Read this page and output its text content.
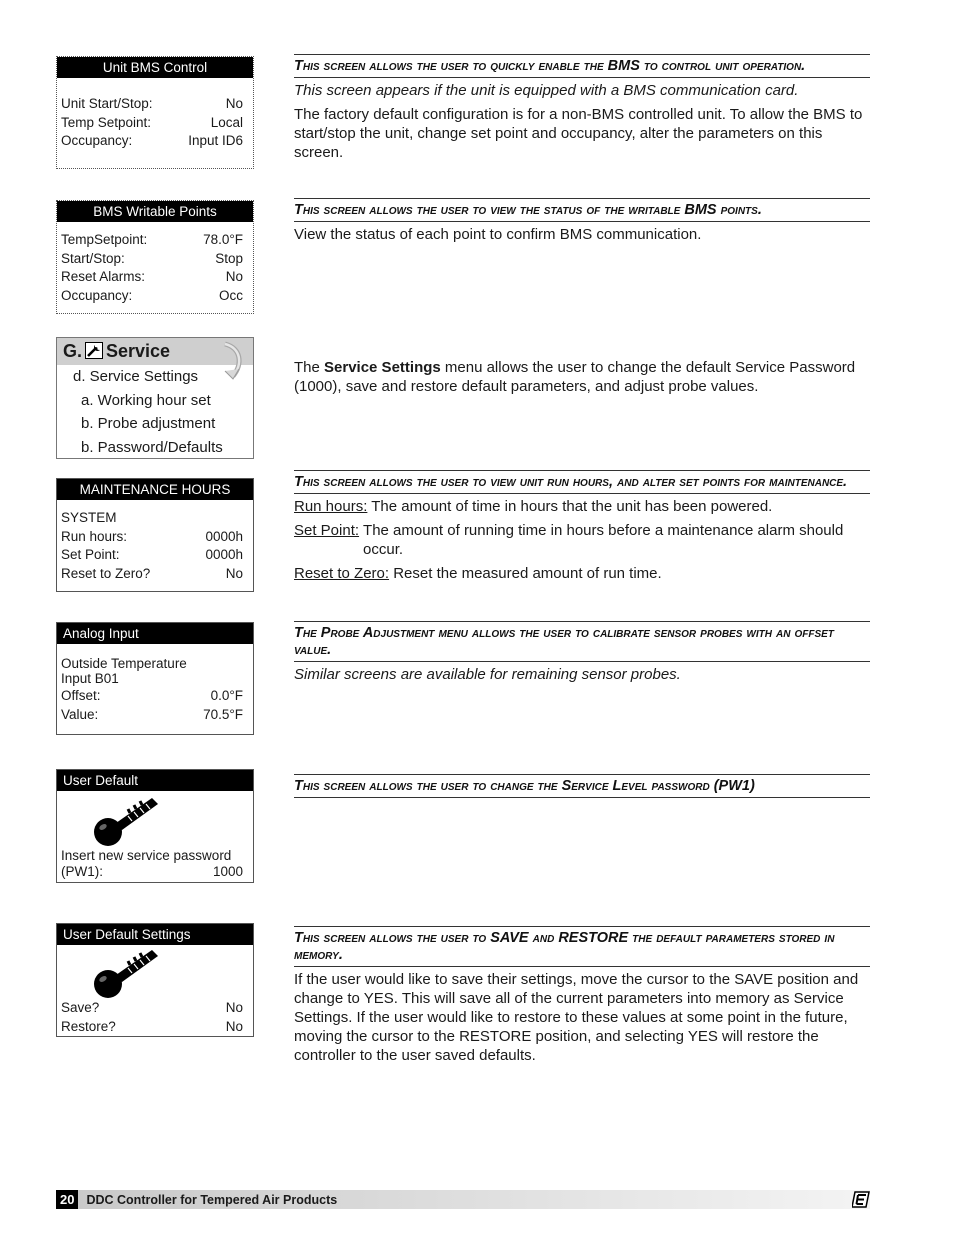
Unit BMS Control
Unit Start/Stop:	No
Temp Setpoint:	Local
Occupancy:	Input ID6
BMS Writable Points
TempSetpoint:	78.0°F
Start/Stop:	Stop
Reset Alarms:	No
Occupancy:	Occ
G. Service
d. Service Settings
a. Working hour set
b. Probe adjustment
b. Password/Defaults
MAINTENANCE HOURS
SYSTEM
Run hours:	0000h
Set Point:	0000h
Reset to Zero?	No
Analog Input
Outside Temperature
Input B01
Offset:	0.0°F
Value:	70.5°F
User Default
Insert new service password
(PW1):	1000
User Default Settings
Save?	No
Restore?	No
This screen allows the user to quickly enable the BMS to control unit operation.
This screen appears if the unit is equipped with a BMS communication card.
The factory default configuration is for a non-BMS controlled unit. To allow the BMS to start/stop the unit, change set point and occupancy, alter the parameters on this screen.
This screen allows the user to view the status of the writable BMS points.
View the status of each point to confirm BMS communication.
The Service Settings menu allows the user to change the default Service Password (1000), save and restore default parameters, and adjust probe values.
This screen allows the user to view unit run hours, and alter set points for maintenance.
Run hours: The amount of time in hours that the unit has been powered.
Set Point: The amount of running time in hours before a maintenance alarm should occur.
Reset to Zero: Reset the measured amount of run time.
The Probe Adjustment menu allows the user to calibrate sensor probes with an offset value.
Similar screens are available for remaining sensor probes.
This screen allows the user to change the Service Level password (PW1)
This screen allows the user to SAVE and RESTORE the default parameters stored in memory.
If the user would like to save their settings, move the cursor to the SAVE position and change to YES. This will save all of the current parameters into memory as Service Settings. If the user would like to restore to these values at some point in the future, moving the cursor to the RESTORE position, and selecting YES will restore the controller to the user saved defaults.
20 DDC Controller for Tempered Air Products
